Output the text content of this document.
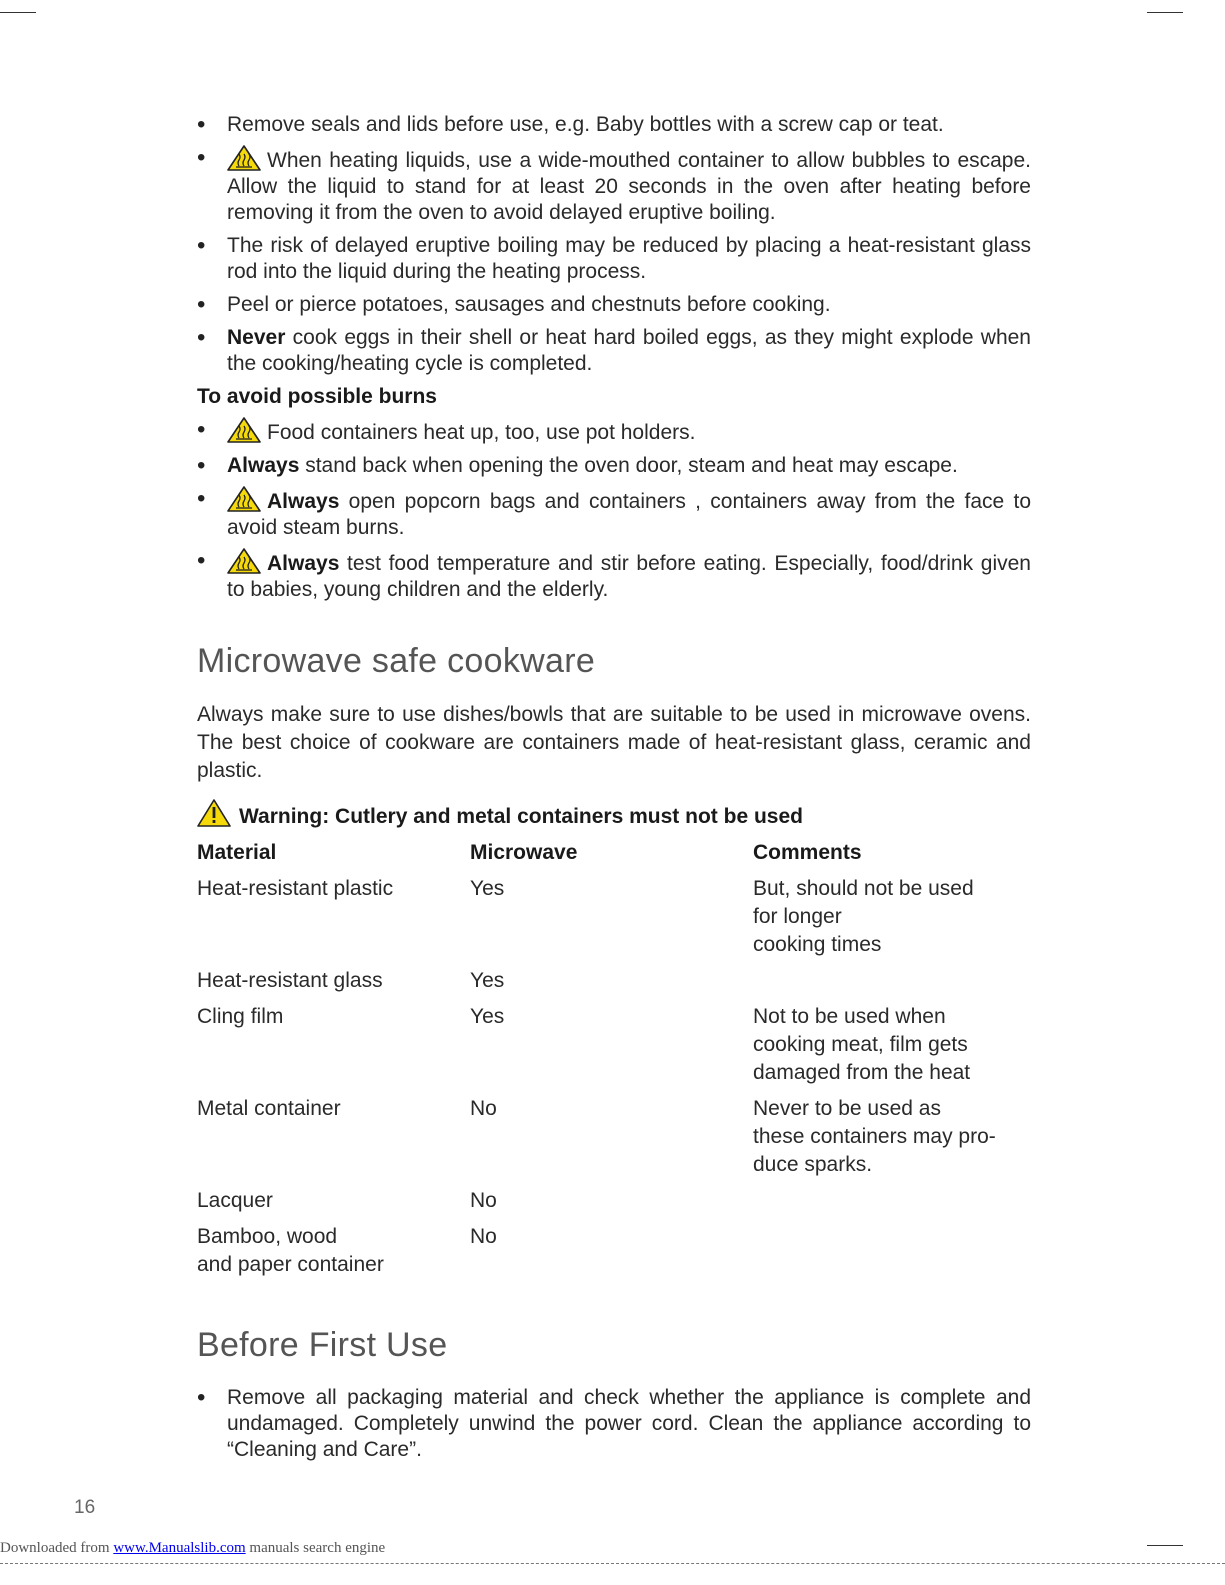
• Remove seals and lids before use, e.g. Baby bottles with a screw cap or teat.
• When heating liquids, use a wide-mouthed container to allow bubbles to escape. Allow the liquid to stand for at least 20 seconds in the oven after heating before removing it from the oven to avoid delayed eruptive boiling.
• The risk of delayed eruptive boiling may be reduced by placing a heat-resistant glass rod into the liquid during the heating process.
• Peel or pierce potatoes, sausages and chestnuts before cooking.
• Never cook eggs in their shell or heat hard boiled eggs, as they might explode when the cooking/heating cycle is completed.
To avoid possible burns
• Food containers heat up, too, use pot holders.
• Always stand back when opening the oven door, steam and heat may escape.
• Always open popcorn bags and containers , containers away from the face to avoid steam burns.
• Always test food temperature and stir before eating. Especially, food/drink given to babies, young children and the elderly.
Microwave safe cookware

Always make sure to use dishes/bowls that are suitable to be used in microwave ovens. The best choice of cookware are containers made of heat-resistant glass, ceramic and plastic.

Warning: Cutlery and metal containers must not be used
Material	Microwave	Comments
Heat-resistant plastic	Yes	But, should not be used
for longer
cooking times
Heat-resistant glass	Yes	
Cling film	Yes	Not to be used when
cooking meat, film gets
damaged from the heat
Metal container	No	Never to be used as
these containers may pro-
duce sparks.
Lacquer	No	
Bamboo, wood
and paper container	No	
Before First Use
• Remove all packaging material and check whether the appliance is complete and undamaged. Completely unwind the power cord. Clean the appliance according to “Cleaning and Care”.
16
Downloaded from www.Manualslib.com manuals search engine
